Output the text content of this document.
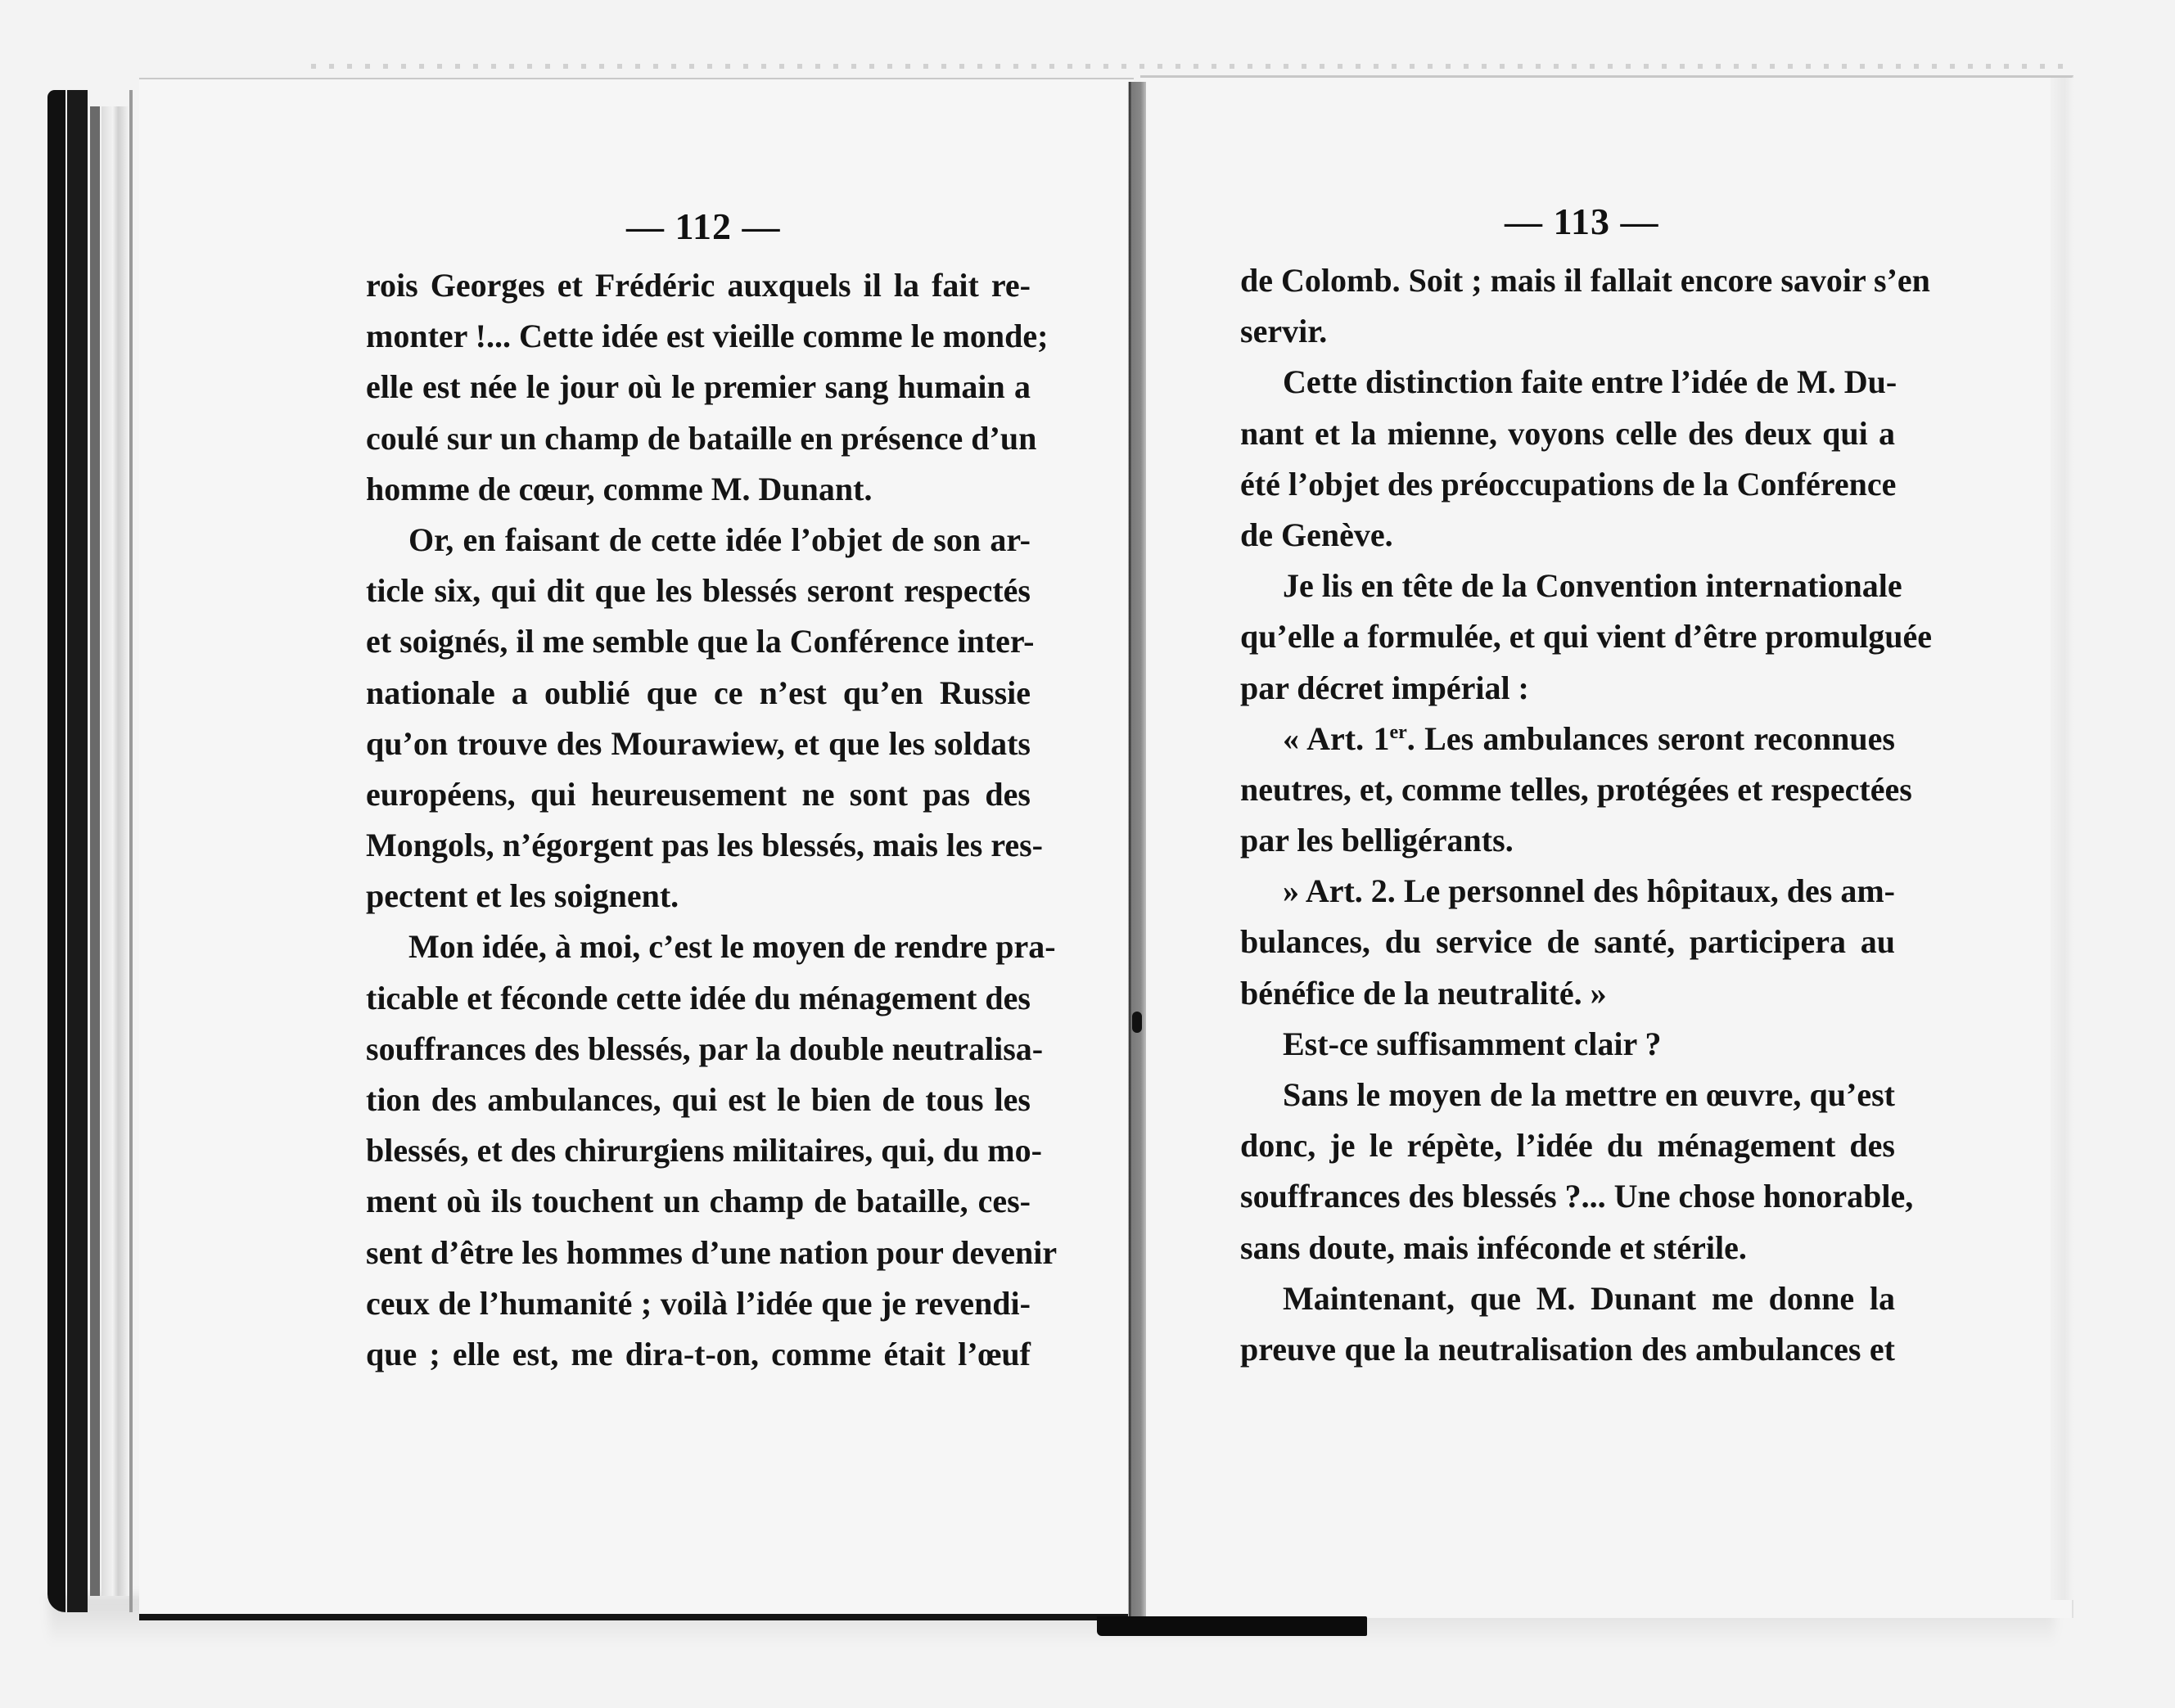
— 112 —
rois Georges et Frédéric auxquels il la fait re-
monter !... Cette idée est vieille comme le monde;
elle est née le jour où le premier sang humain a
coulé sur un champ de bataille en présence d’un
homme de cœur, comme M. Dunant.
Or, en faisant de cette idée l’objet de son ar-
ticle six, qui dit que les blessés seront respectés
et soignés, il me semble que la Conférence inter-
nationale a oublié que ce n’est qu’en Russie
qu’on trouve des Mourawiew, et que les soldats
européens, qui heureusement ne sont pas des
Mongols, n’égorgent pas les blessés, mais les res-
pectent et les soignent.
Mon idée, à moi, c’est le moyen de rendre pra-
ticable et féconde cette idée du ménagement des
souffrances des blessés, par la double neutralisa-
tion des ambulances, qui est le bien de tous les
blessés, et des chirurgiens militaires, qui, du mo-
ment où ils touchent un champ de bataille, ces-
sent d’être les hommes d’une nation pour devenir
ceux de l’humanité ; voilà l’idée que je revendi-
que ; elle est, me dira-t-on, comme était l’œuf
— 113 —
de Colomb. Soit ; mais il fallait encore savoir s’en
servir.
Cette distinction faite entre l’idée de M. Du-
nant et la mienne, voyons celle des deux qui a
été l’objet des préoccupations de la Conférence
de Genève.
Je lis en tête de la Convention internationale
qu’elle a formulée, et qui vient d’être promulguée
par décret impérial :
« Art. 1er. Les ambulances seront reconnues
neutres, et, comme telles, protégées et respectées
par les belligérants.
» Art. 2. Le personnel des hôpitaux, des am-
bulances, du service de santé, participera au
bénéfice de la neutralité. »
Est-ce suffisamment clair ?
Sans le moyen de la mettre en œuvre, qu’est
donc, je le répète, l’idée du ménagement des
souffrances des blessés ?... Une chose honorable,
sans doute, mais inféconde et stérile.
Maintenant, que M. Dunant me donne la
preuve que la neutralisation des ambulances et
